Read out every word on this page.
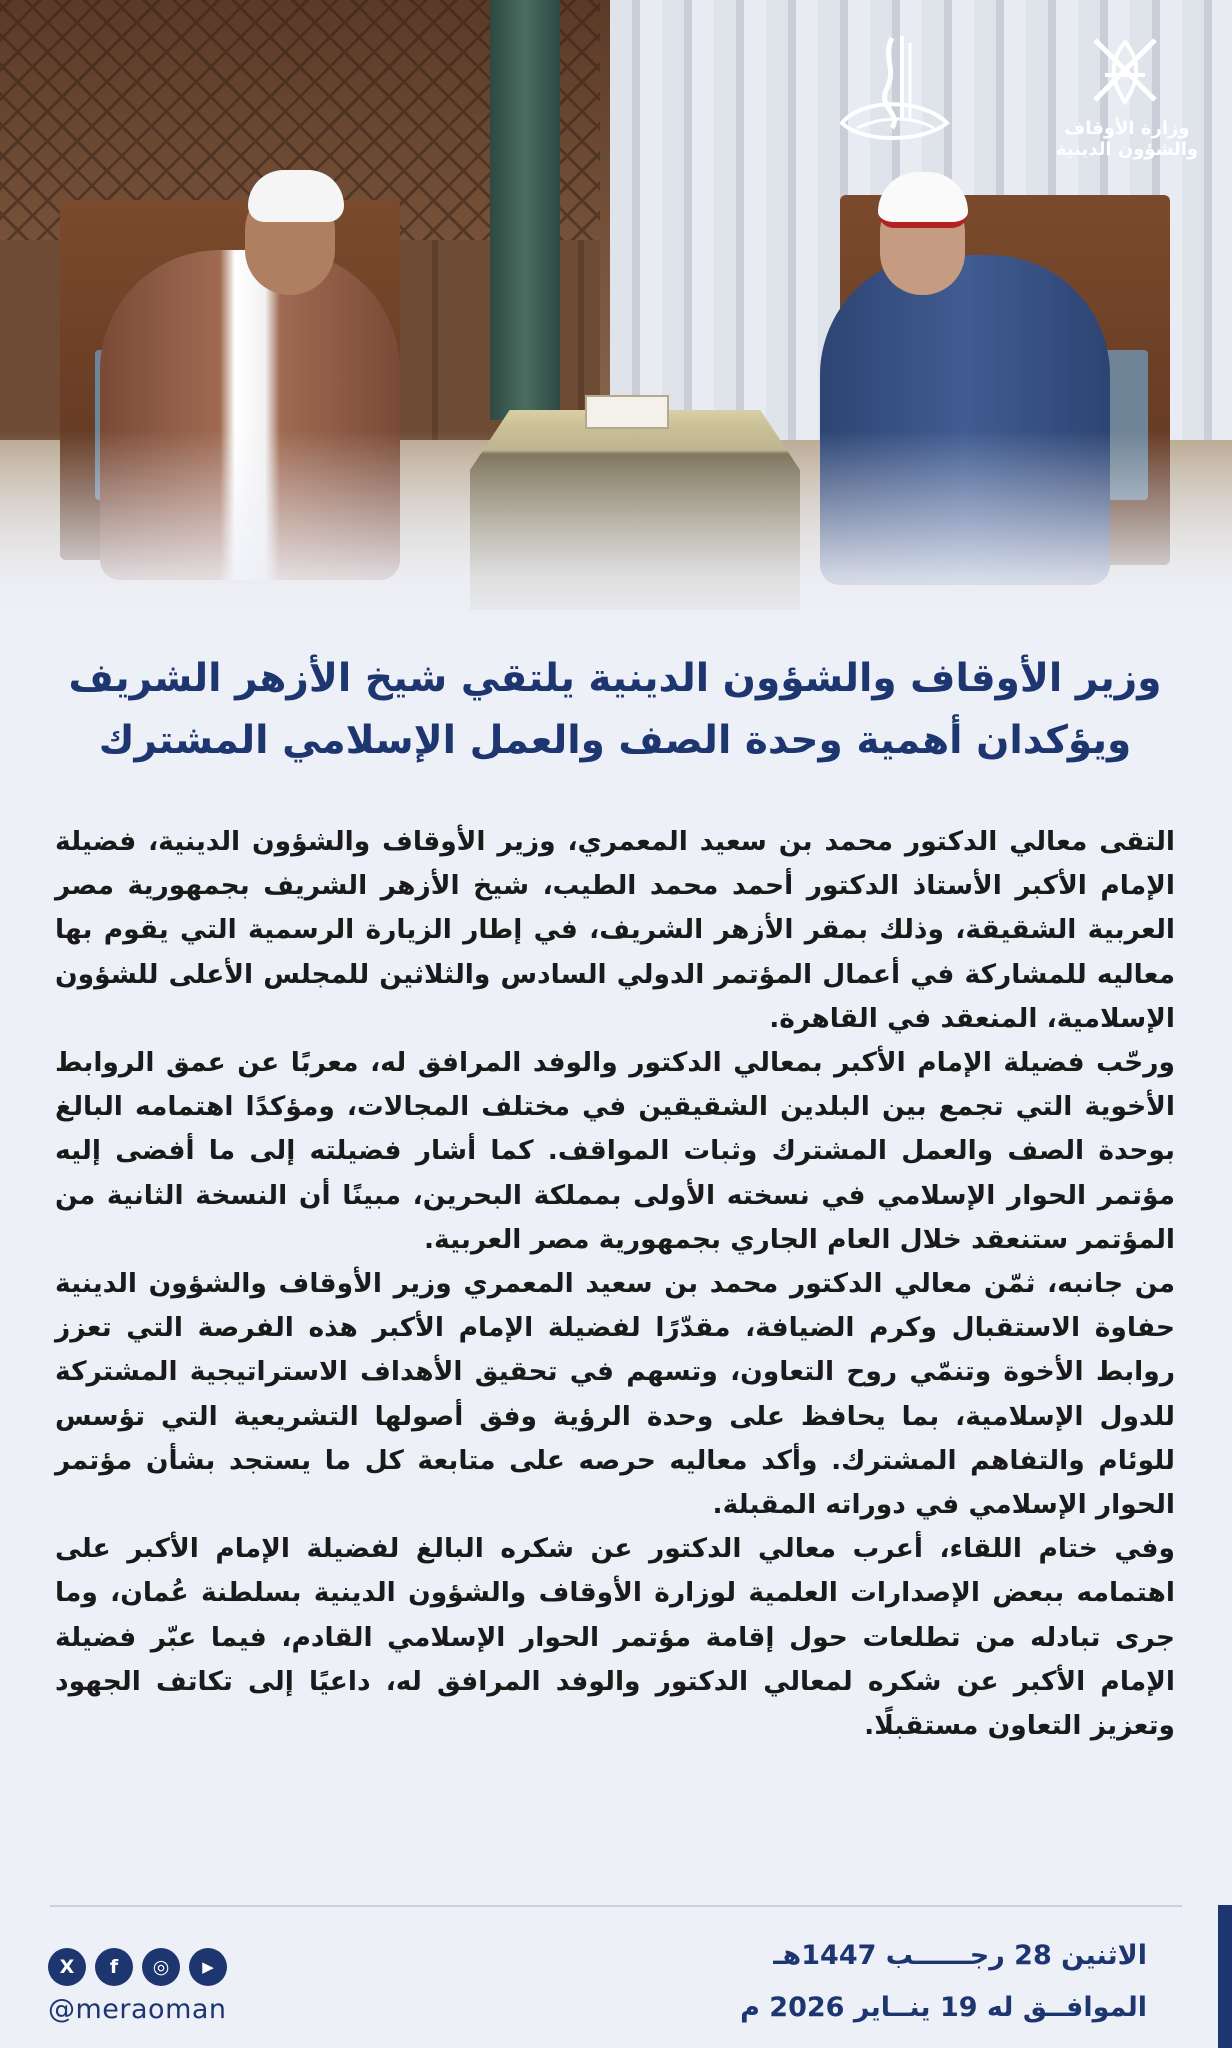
وزارة الأوقاف والشؤون الدينية
وزير الأوقاف والشؤون الدينية يلتقي شيخ الأزهر الشريف
ويؤكدان أهمية وحدة الصف والعمل الإسلامي المشترك

التقى معالي الدكتور محمد بن سعيد المعمري، وزير الأوقاف والشؤون الدينية، فضيلة الإمام الأكبر الأستاذ الدكتور أحمد محمد الطيب، شيخ الأزهر الشريف بجمهورية مصر العربية الشقيقة، وذلك بمقر الأزهر الشريف، في إطار الزيارة الرسمية التي يقوم بها معاليه للمشاركة في أعمال المؤتمر الدولي السادس والثلاثين للمجلس الأعلى للشؤون الإسلامية، المنعقد في القاهرة.

ورحّب فضيلة الإمام الأكبر بمعالي الدكتور والوفد المرافق له، معربًا عن عمق الروابط الأخوية التي تجمع بين البلدين الشقيقين في مختلف المجالات، ومؤكدًا اهتمامه البالغ بوحدة الصف والعمل المشترك وثبات المواقف. كما أشار فضيلته إلى ما أفضى إليه مؤتمر الحوار الإسلامي في نسخته الأولى بمملكة البحرين، مبينًا أن النسخة الثانية من المؤتمر ستنعقد خلال العام الجاري بجمهورية مصر العربية.

من جانبه، ثمّن معالي الدكتور محمد بن سعيد المعمري وزير الأوقاف والشؤون الدينية حفاوة الاستقبال وكرم الضيافة، مقدّرًا لفضيلة الإمام الأكبر هذه الفرصة التي تعزز روابط الأخوة وتنمّي روح التعاون، وتسهم في تحقيق الأهداف الاستراتيجية المشتركة للدول الإسلامية، بما يحافظ على وحدة الرؤية وفق أصولها التشريعية التي تؤسس للوئام والتفاهم المشترك. وأكد معاليه حرصه على متابعة كل ما يستجد بشأن مؤتمر الحوار الإسلامي في دوراته المقبلة.

وفي ختام اللقاء، أعرب معالي الدكتور عن شكره البالغ لفضيلة الإمام الأكبر على اهتمامه ببعض الإصدارات العلمية لوزارة الأوقاف والشؤون الدينية بسلطنة عُمان، وما جرى تبادله من تطلعات حول إقامة مؤتمر الحوار الإسلامي القادم، فيما عبّر فضيلة الإمام الأكبر عن شكره لمعالي الدكتور والوفد المرافق له، داعيًا إلى تكاتف الجهود وتعزيز التعاون مستقبلًا.

الاثنين 28 رجــــــب 1447هـ
الموافــق له 19 ينــاير 2026 م
X	f	◎	▶
@meraoman
